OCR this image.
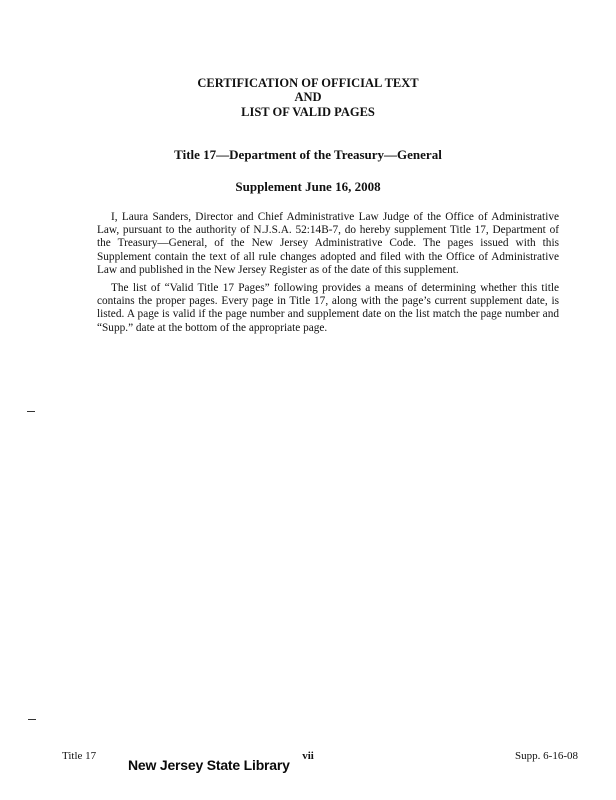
CERTIFICATION OF OFFICIAL TEXT
AND
LIST OF VALID PAGES
Title 17—Department of the Treasury—General
Supplement June 16, 2008

I, Laura Sanders, Director and Chief Administrative Law Judge of the Office of Administrative Law, pursuant to the authority of N.J.S.A. 52:14B-7, do hereby supplement Title 17, Department of the Treasury—General, of the New Jersey Administrative Code. The pages issued with this Supplement contain the text of all rule changes adopted and filed with the Office of Administrative Law and published in the New Jersey Register as of the date of this supplement.

The list of “Valid Title 17 Pages” following provides a means of determining whether this title contains the proper pages. Every page in Title 17, along with the page’s current supplement date, is listed. A page is valid if the page number and supplement date on the list match the page number and “Supp.” date at the bottom of the appropriate page.

Title 17	vii	Supp. 6-16-08
New Jersey State Library
